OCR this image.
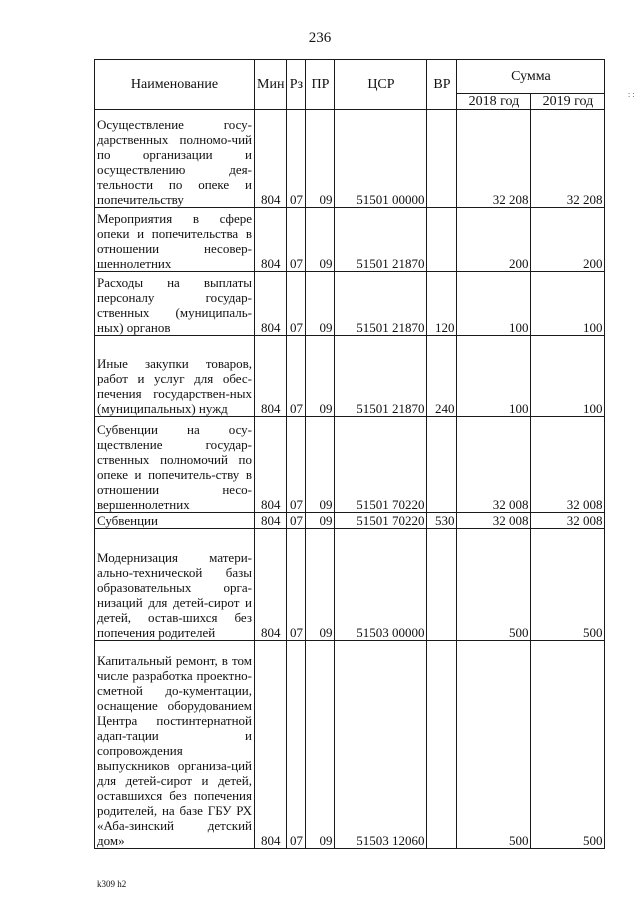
236
Наименование	Мин	Рз	ПР	ЦСР	ВР	Сумма	
						2018 год	2019 год
Осуществление госу-дарственных полномо-чий по организации и осуществлению дея-тельности по опеке и попечительству	804	07	09	51501 00000		32 208	32 208
Мероприятия в сфере опеки и попечительства в отношении несовер-шеннолетних	804	07	09	51501 21870		200	200
Расходы на выплаты персоналу государ-ственных (муниципаль-ных) органов	804	07	09	51501 21870	120	100	100
Иные закупки товаров, работ и услуг для обес-печения государствен-ных (муниципальных) нужд	804	07	09	51501 21870	240	100	100
Субвенции на осу-ществление государ-ственных полномочий по опеке и попечитель-ству в отношении несо-вершеннолетних	804	07	09	51501 70220		32 008	32 008
Субвенции	804	07	09	51501 70220	530	32 008	32 008
Модернизация матери-ально-технической базы образовательных орга-низаций для детей-сирот и детей, остав-шихся без попечения родителей	804	07	09	51503 00000		500	500
Капитальный ремонт, в том числе разработка проектно-сметной до-кументации, оснащение оборудованием Центра постинтернатной адап-тации и сопровождения выпускников организа-ций для детей-сирот и детей, оставшихся без попечения родителей, на базе ГБУ РХ «Аба-зинский детский дом»	804	07	09	51503 12060		500	500
: :
k309 h2
